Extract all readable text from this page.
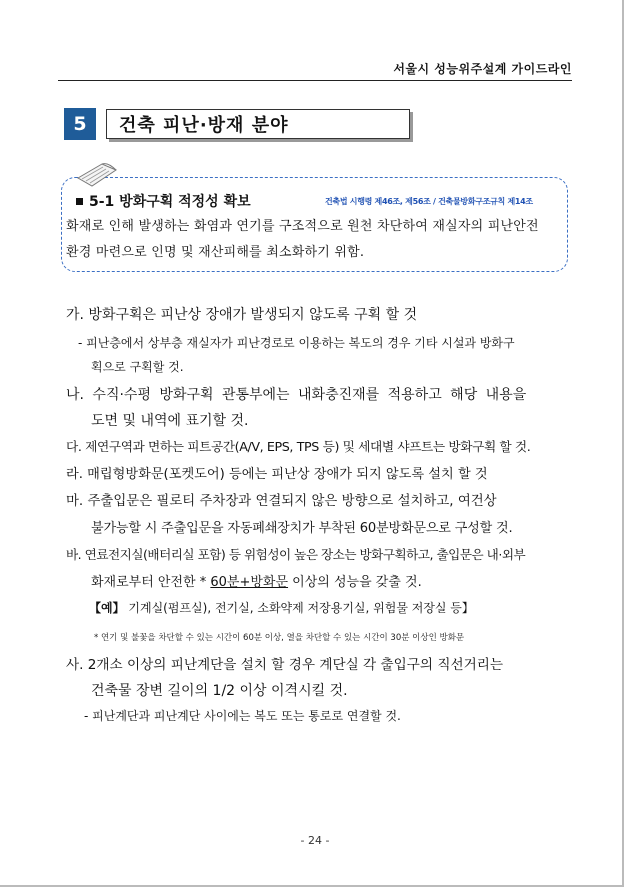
서울시 성능위주설계 가이드라인
5	건축 피난·방재 분야
5-1 방화구획 적정성 확보	건축법 시행령 제46조, 제56조 / 건축물방화구조규칙 제14조
화재로 인해 발생하는 화염과 연기를 구조적으로 원천 차단하여 재실자의 피난안전
환경 마련으로 인명 및 재산피해를 최소화하기 위함.
가. 방화구획은 피난상 장애가 발생되지 않도록 구획 할 것
- 피난층에서 상부층 재실자가 피난경로로 이용하는 복도의 경우 기타 시설과 방화구
획으로 구획할 것.
나. 수직·수평 방화구획 관통부에는 내화충진재를 적용하고 해당 내용을
도면 및 내역에 표기할 것.
다. 제연구역과 면하는 피트공간(A/V, EPS, TPS 등) 및 세대별 샤프트는 방화구획 할 것.
라. 매립형방화문(포켓도어) 등에는 피난상 장애가 되지 않도록 설치 할 것
마. 주출입문은 필로티 주차장과 연결되지 않은 방향으로 설치하고, 여건상
불가능할 시 주출입문을 자동폐쇄장치가 부착된 60분방화문으로 구성할 것.
바. 연료전지실(배터리실 포함) 등 위험성이 높은 장소는 방화구획하고, 출입문은 내·외부
화재로부터 안전한 * 60분+방화문 이상의 성능을 갖출 것.
【예】 기계실(펌프실), 전기실, 소화약제 저장용기실, 위험물 저장실 등】
* 연기 및 불꽃을 차단할 수 있는 시간이 60분 이상, 열을 차단할 수 있는 시간이 30분 이상인 방화문
사. 2개소 이상의 피난계단을 설치 할 경우 계단실 각 출입구의 직선거리는
건축물 장변 길이의 1/2 이상 이격시킬 것.
- 피난계단과 피난계단 사이에는 복도 또는 통로로 연결할 것.
- 24 -
